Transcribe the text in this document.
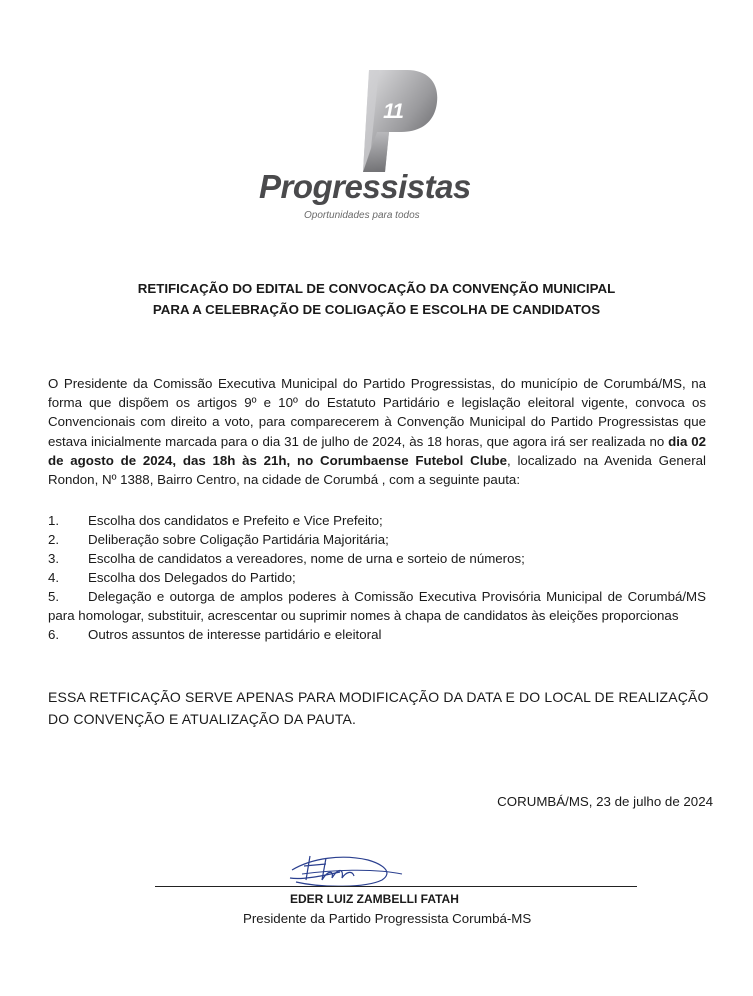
11
Progressistas
Oportunidades para todos
RETIFICAÇÃO DO EDITAL DE CONVOCAÇÃO DA CONVENÇÃO MUNICIPAL
PARA A CELEBRAÇÃO DE COLIGAÇÃO E ESCOLHA DE CANDIDATOS
O Presidente da Comissão Executiva Municipal do Partido Progressistas, do município de Corumbá/MS, na forma que dispõem os artigos 9º e 10º do Estatuto Partidário e legislação eleitoral vigente, convoca os Convencionais com direito a voto, para comparecerem à Convenção Municipal do Partido Progressistas que estava inicialmente marcada para o dia 31 de julho de 2024, às 18 horas, que agora irá ser realizada no dia 02 de agosto de 2024, das 18h às 21h, no Corumbaense Futebol Clube, localizado na Avenida General Rondon, Nº 1388, Bairro Centro, na cidade de Corumbá , com a seguinte pauta:
1. Escolha dos candidatos e Prefeito e Vice Prefeito;
2. Deliberação sobre Coligação Partidária Majoritária;
3. Escolha de candidatos a vereadores, nome de urna e sorteio de números;
4. Escolha dos Delegados do Partido;
5. Delegação e outorga de amplos poderes à Comissão Executiva Provisória Municipal de Corumbá/MS para homologar, substituir, acrescentar ou suprimir nomes à chapa de candidatos às eleições proporcionas
6. Outros assuntos de interesse partidário e eleitoral
ESSA RETFICAÇÃO SERVE APENAS PARA MODIFICAÇÃO DA DATA E DO LOCAL DE REALIZAÇÃO DO CONVENÇÃO E ATUALIZAÇÃO DA PAUTA.
CORUMBÁ/MS, 23 de julho de 2024
EDER LUIZ ZAMBELLI FATAH
Presidente da Partido Progressista Corumbá-MS
